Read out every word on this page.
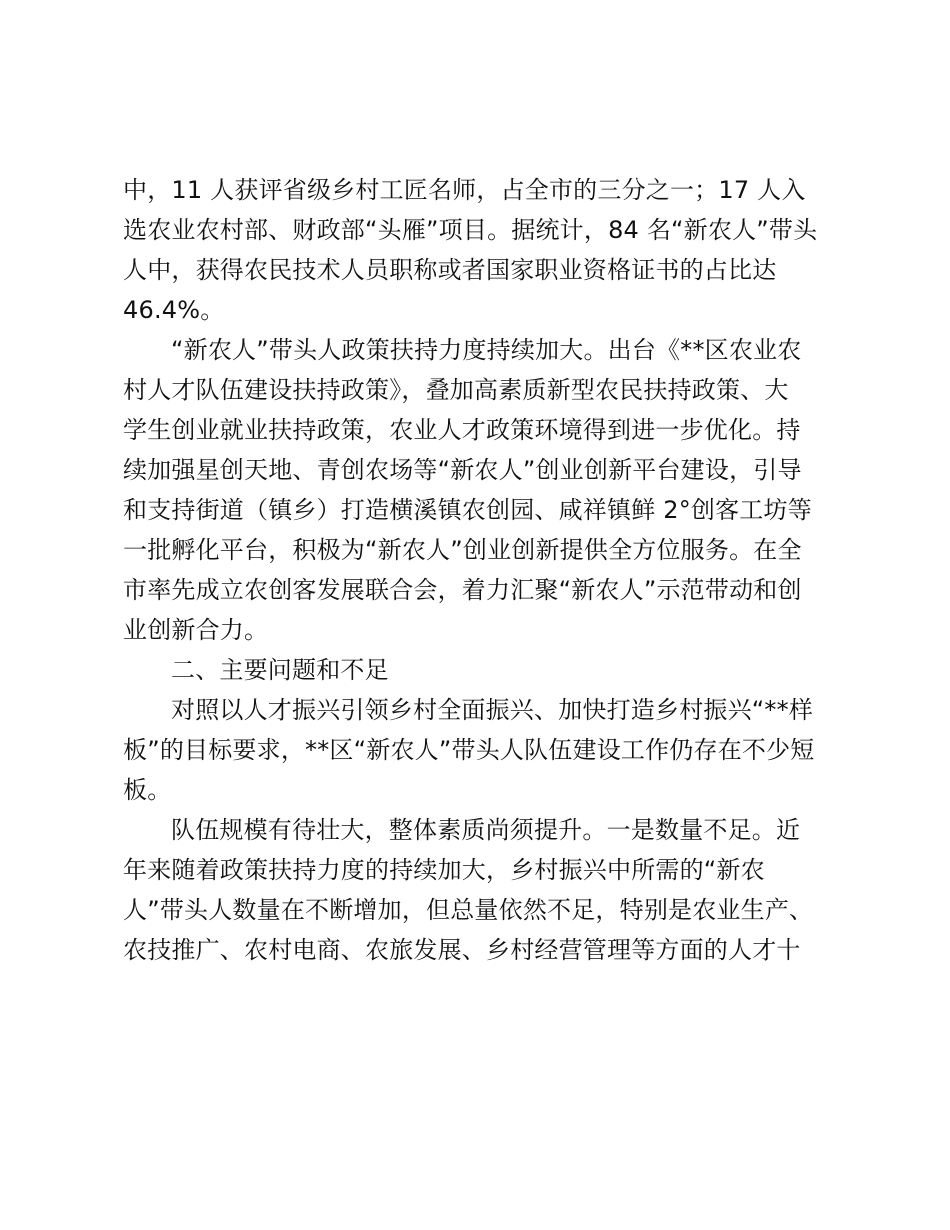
中，11 人获评省级乡村工匠名师，占全市的三分之一；17 人入
选农业农村部、财政部“头雁”项目。据统计，84 名“新农人”带头
人中，获得农民技术人员职称或者国家职业资格证书的占比达
46.4%。
“新农人”带头人政策扶持力度持续加大。出台《**区农业农
村人才队伍建设扶持政策》，叠加高素质新型农民扶持政策、大
学生创业就业扶持政策，农业人才政策环境得到进一步优化。持
续加强星创天地、青创农场等“新农人”创业创新平台建设，引导
和支持街道（镇乡）打造横溪镇农创园、咸祥镇鲜 2°创客工坊等
一批孵化平台，积极为“新农人”创业创新提供全方位服务。在全
市率先成立农创客发展联合会，着力汇聚“新农人”示范带动和创
业创新合力。
二、主要问题和不足
对照以人才振兴引领乡村全面振兴、加快打造乡村振兴“**样
板”的目标要求，**区“新农人”带头人队伍建设工作仍存在不少短
板。
队伍规模有待壮大，整体素质尚须提升。一是数量不足。近
年来随着政策扶持力度的持续加大，乡村振兴中所需的“新农
人”带头人数量在不断增加，但总量依然不足，特别是农业生产、
农技推广、农村电商、农旅发展、乡村经营管理等方面的人才十
